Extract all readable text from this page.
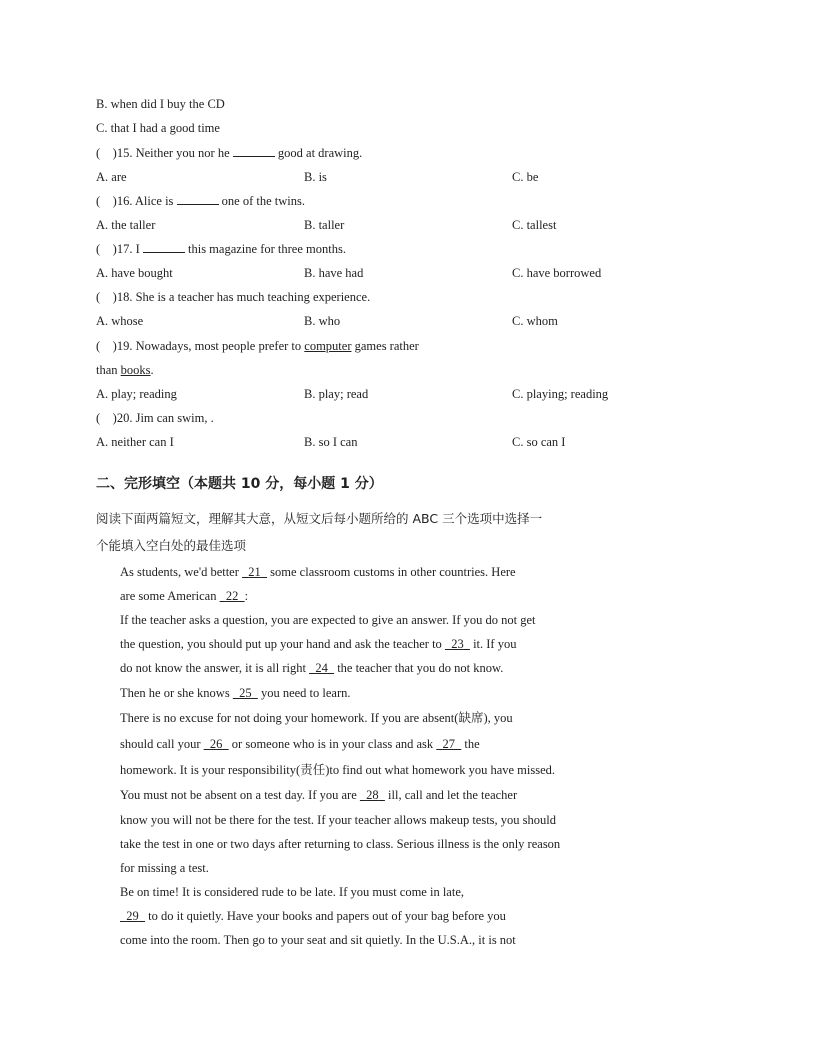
B. when did I buy the CD
C. that I had a good time
(    )15. Neither you nor he	good at drawing.
A. are	B. is	C. be
(    )16. Alice is	one of the twins.
A. the taller	B. taller	C. tallest
(    )17. I	this magazine for three months.
A. have bought	B. have had	C. have borrowed
(    )18. She is a teacher has much teaching experience.
A. whose	B. who	C. whom
(    )19. Nowadays, most people prefer to computer games rather
than books.
A. play; reading	B. play; read	C. playing; reading
(    )20. Jim can swim, .
A. neither can I	B. so I can	C. so can I
二、完形填空（本题共 10 分，每小题 1 分）
阅读下面两篇短文，理解其大意，从短文后每小题所给的 ABC 三个选项中选择一
个能填入空白处的最佳选项
As students, we'd better   21   some classroom customs in other countries. Here
are some American   22 :
If the teacher asks a question, you are expected to give an answer. If you do not get
the question, you should put up your hand and ask the teacher to   23   it. If you
do not know the answer, it is all right   24   the teacher that you do not know.
Then he or she knows   25   you need to learn.
There is no excuse for not doing your homework. If you are absent(缺席), you
should call your   26   or someone who is in your class and ask   27   the
homework. It is your responsibility(责任)to find out what homework you have missed.
You must not be absent on a test day. If you are   28   ill, call and let the teacher
know you will not be there for the test. If your teacher allows makeup tests, you should
take the test in one or two days after returning to class. Serious illness is the only reason
for missing a test.
Be on time! It is considered rude to be late. If you must come in late,
29   to do it quietly. Have your books and papers out of your bag before you
come into the room. Then go to your seat and sit quietly. In the U.S.A., it is not
